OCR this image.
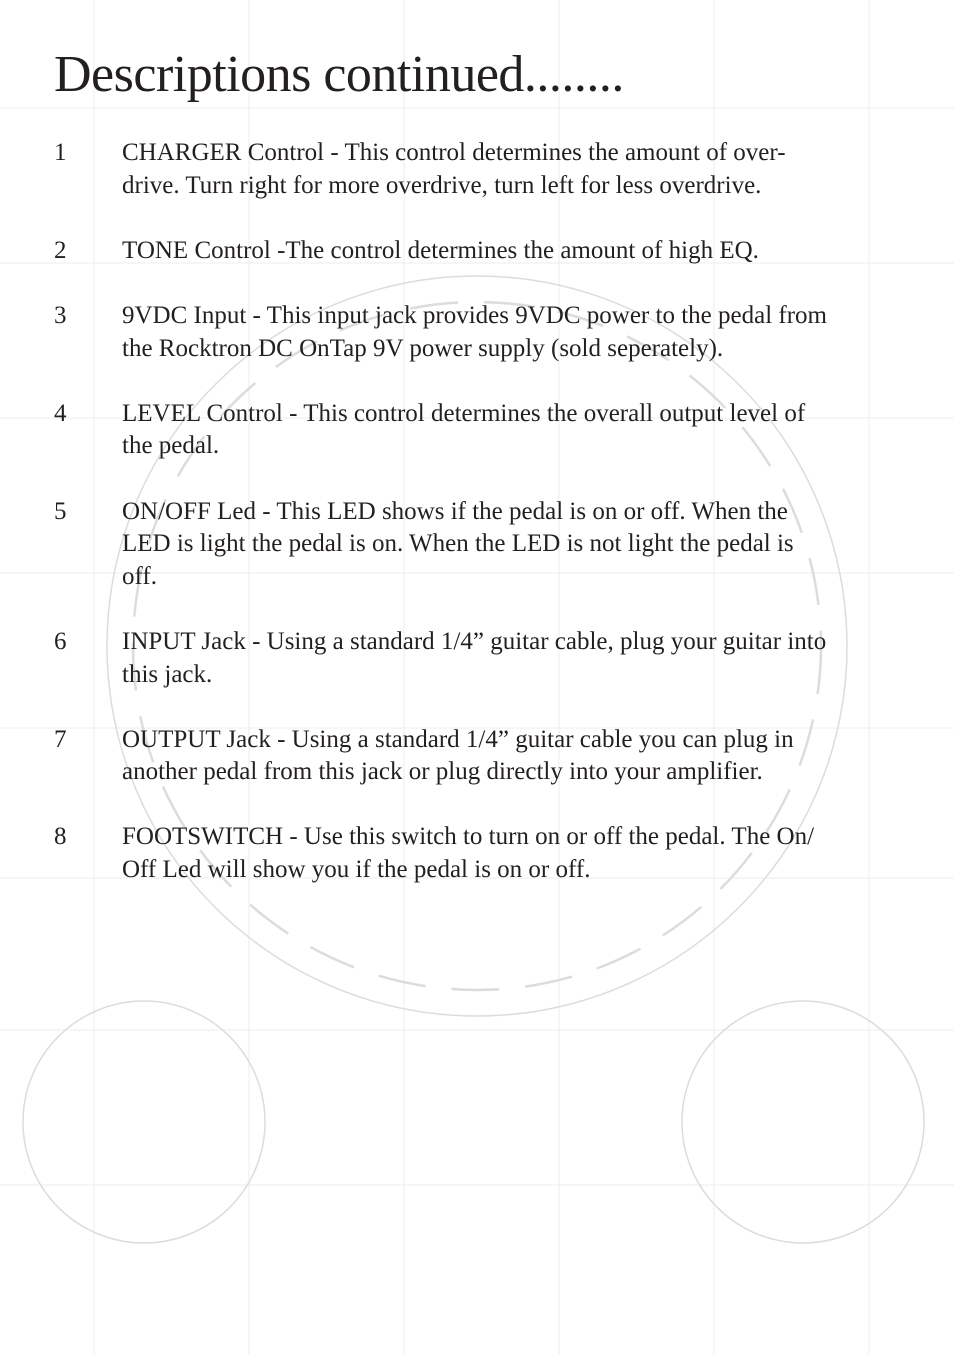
Descriptions continued........
1 CHARGER Control - This control determines the amount of over-
drive. Turn right for more overdrive, turn left for less overdrive.
2 TONE Control -The control determines the amount of high EQ.
3 9VDC Input - This input jack provides 9VDC power to the pedal from
the Rocktron DC OnTap 9V power supply (sold seperately).
4 LEVEL Control - This control determines the overall output level of
the pedal.
5 ON/OFF Led - This LED shows if the pedal is on or off. When the
LED is light the pedal is on. When the LED is not light the pedal is
off.
6 INPUT Jack - Using a standard 1/4” guitar cable, plug your guitar into
this jack.
7 OUTPUT Jack - Using a standard 1/4” guitar cable you can plug in
another pedal from this jack or plug directly into your amplifier.
8 FOOTSWITCH - Use this switch to turn on or off the pedal. The On/
Off Led will show you if the pedal is on or off.
